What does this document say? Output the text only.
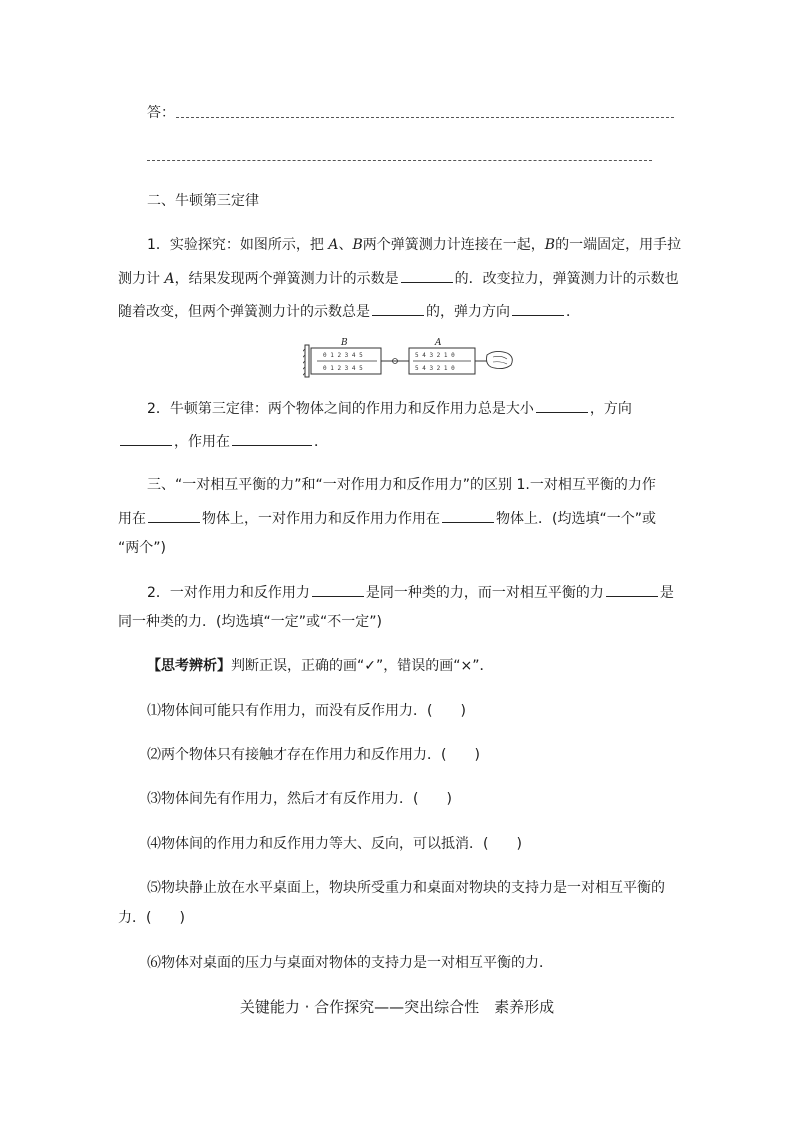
答：
二、牛顿第三定律
1．实验探究：如图所示，把 A、B两个弹簧测力计连接在一起，B的一端固定，用手拉
测力计 A，结果发现两个弹簧测力计的示数是	的．改变拉力，弹簧测力计的示数也
随着改变，但两个弹簧测力计的示数总是	的，弹力方向	．
0 1 2 3 4 5
0 1 2 3 4 5
5 4 3 2 1 0
5 4 3 2 1 0
B	A
2．牛顿第三定律：两个物体之间的作用力和反作用力总是大小	，方向
，作用在	．
三、“一对相互平衡的力”和“一对作用力和反作用力”的区别 1.一对相互平衡的力作
用在	物体上，一对作用力和反作用力作用在	物体上．(均选填“一个”或
“两个”)
2．一对作用力和反作用力	是同一种类的力，而一对相互平衡的力	是
同一种类的力．(均选填“一定”或“不一定”)
【思考辨析】判断正误，正确的画“✓”，错误的画“×”．
⑴物体间可能只有作用力，而没有反作用力．(　　)
⑵两个物体只有接触才存在作用力和反作用力．(　　)
⑶物体间先有作用力，然后才有反作用力．(　　)
⑷物体间的作用力和反作用力等大、反向，可以抵消．(　　)
⑸物块静止放在水平桌面上，物块所受重力和桌面对物块的支持力是一对相互平衡的
力．(　　)
⑹物体对桌面的压力与桌面对物体的支持力是一对相互平衡的力．
关键能力 · 合作探究——突出综合性　素养形成
